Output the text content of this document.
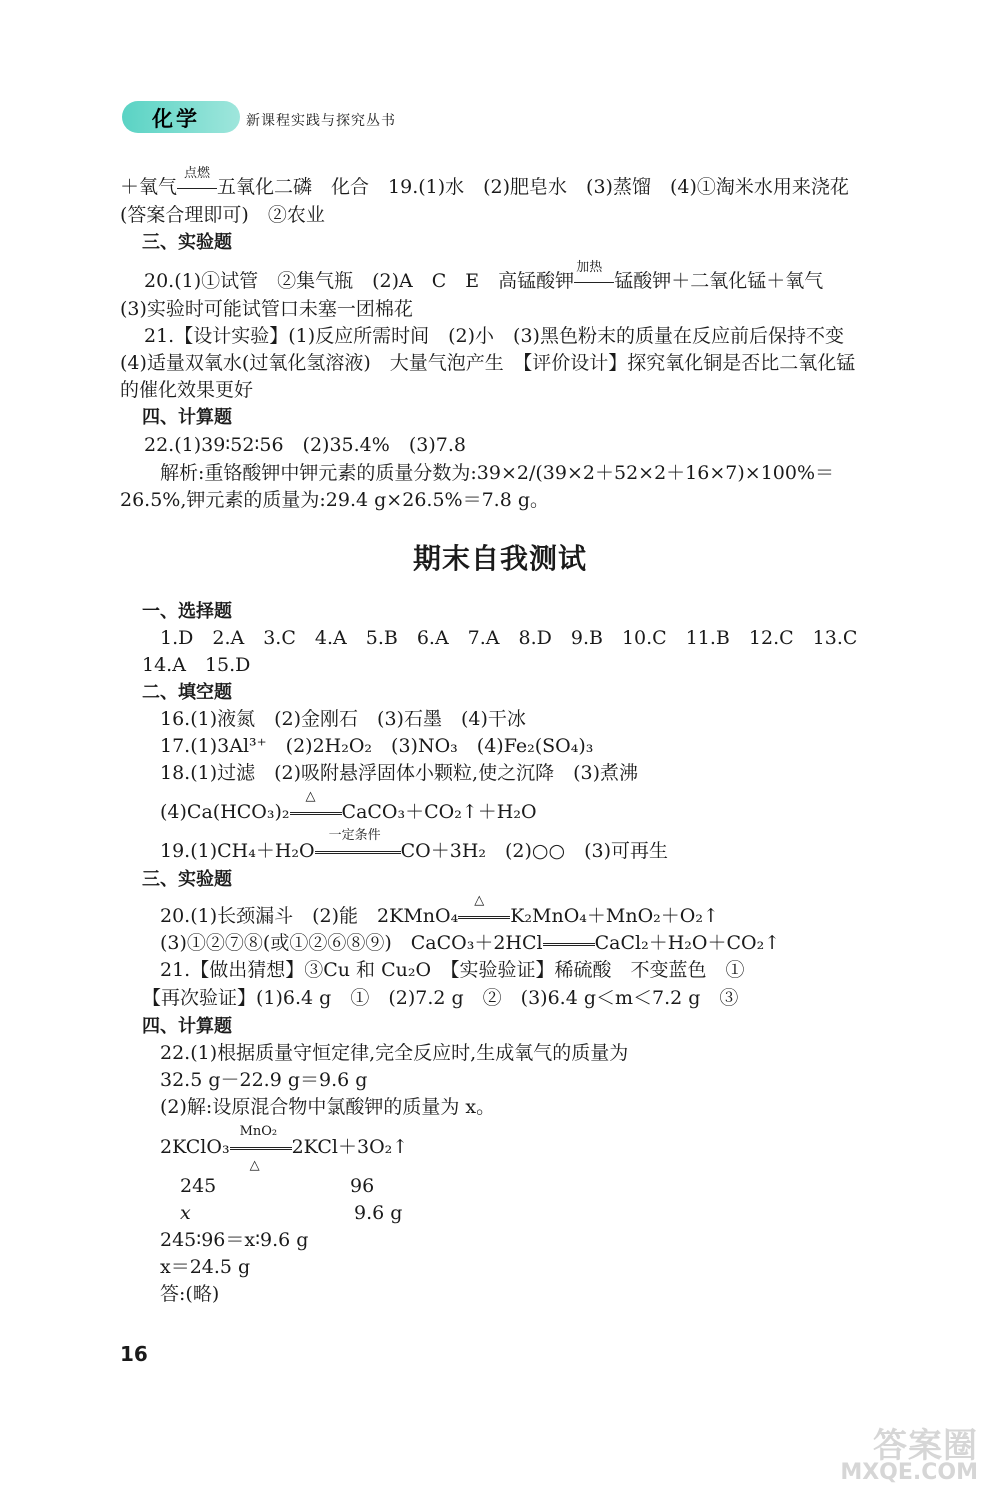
化学	新课程实践与探究丛书
＋氧气
点燃
五氧化二磷　化合　19.(1)水　(2)肥皂水　(3)蒸馏　(4)①淘米水用来浇花
(答案合理即可)　②农业
三、实验题
20.(1)①试管　②集气瓶　(2)A　C　E　高锰酸钾
加热
锰酸钾＋二氧化锰＋氧气
(3)实验时可能试管口未塞一团棉花
21.【设计实验】(1)反应所需时间　(2)小　(3)黑色粉末的质量在反应前后保持不变
(4)适量双氧水(过氧化氢溶液)　大量气泡产生　【评价设计】探究氧化铜是否比二氧化锰
的催化效果更好
四、计算题
22.(1)39∶52∶56　(2)35.4%　(3)7.8
解析:重铬酸钾中钾元素的质量分数为:39×2/(39×2＋52×2＋16×7)×100%＝
26.5%,钾元素的质量为:29.4 g×26.5%＝7.8 g。
期末自我测试
一、选择题
1.D　2.A　3.C　4.A　5.B　6.A　7.A　8.D　9.B　10.C　11.B　12.C　13.C
14.A　15.D
二、填空题
16.(1)液氮　(2)金刚石　(3)石墨　(4)干冰
17.(1)3Al³⁺　(2)2H₂O₂　(3)NO₃　(4)Fe₂(SO₄)₃
18.(1)过滤　(2)吸附悬浮固体小颗粒,使之沉降　(3)煮沸
(4)Ca(HCO₃)₂
△
CaCO₃＋CO₂↑＋H₂O
19.(1)CH₄＋H₂O
一定条件
CO＋3H₂　(2)○○　(3)可再生
三、实验题
20.(1)长颈漏斗　(2)能　2KMnO₄
△
K₂MnO₄＋MnO₂＋O₂↑
(3)①②⑦⑧(或①②⑥⑧⑨)　CaCO₃＋2HCl	CaCl₂＋H₂O＋CO₂↑
21.【做出猜想】③Cu 和 Cu₂O　【实验验证】稀硫酸　不变蓝色　①
【再次验证】(1)6.4 g　①　(2)7.2 g　②　(3)6.4 g＜m＜7.2 g　③
四、计算题
22.(1)根据质量守恒定律,完全反应时,生成氧气的质量为
32.5 g－22.9 g＝9.6 g
(2)解:设原混合物中氯酸钾的质量为 x。
2KClO₃
MnO₂
△
2KCl＋3O₂↑
245	96
x	9.6 g
245∶96＝x∶9.6 g
x＝24.5 g
答:(略)
16
答案圈
MXQE.COM
